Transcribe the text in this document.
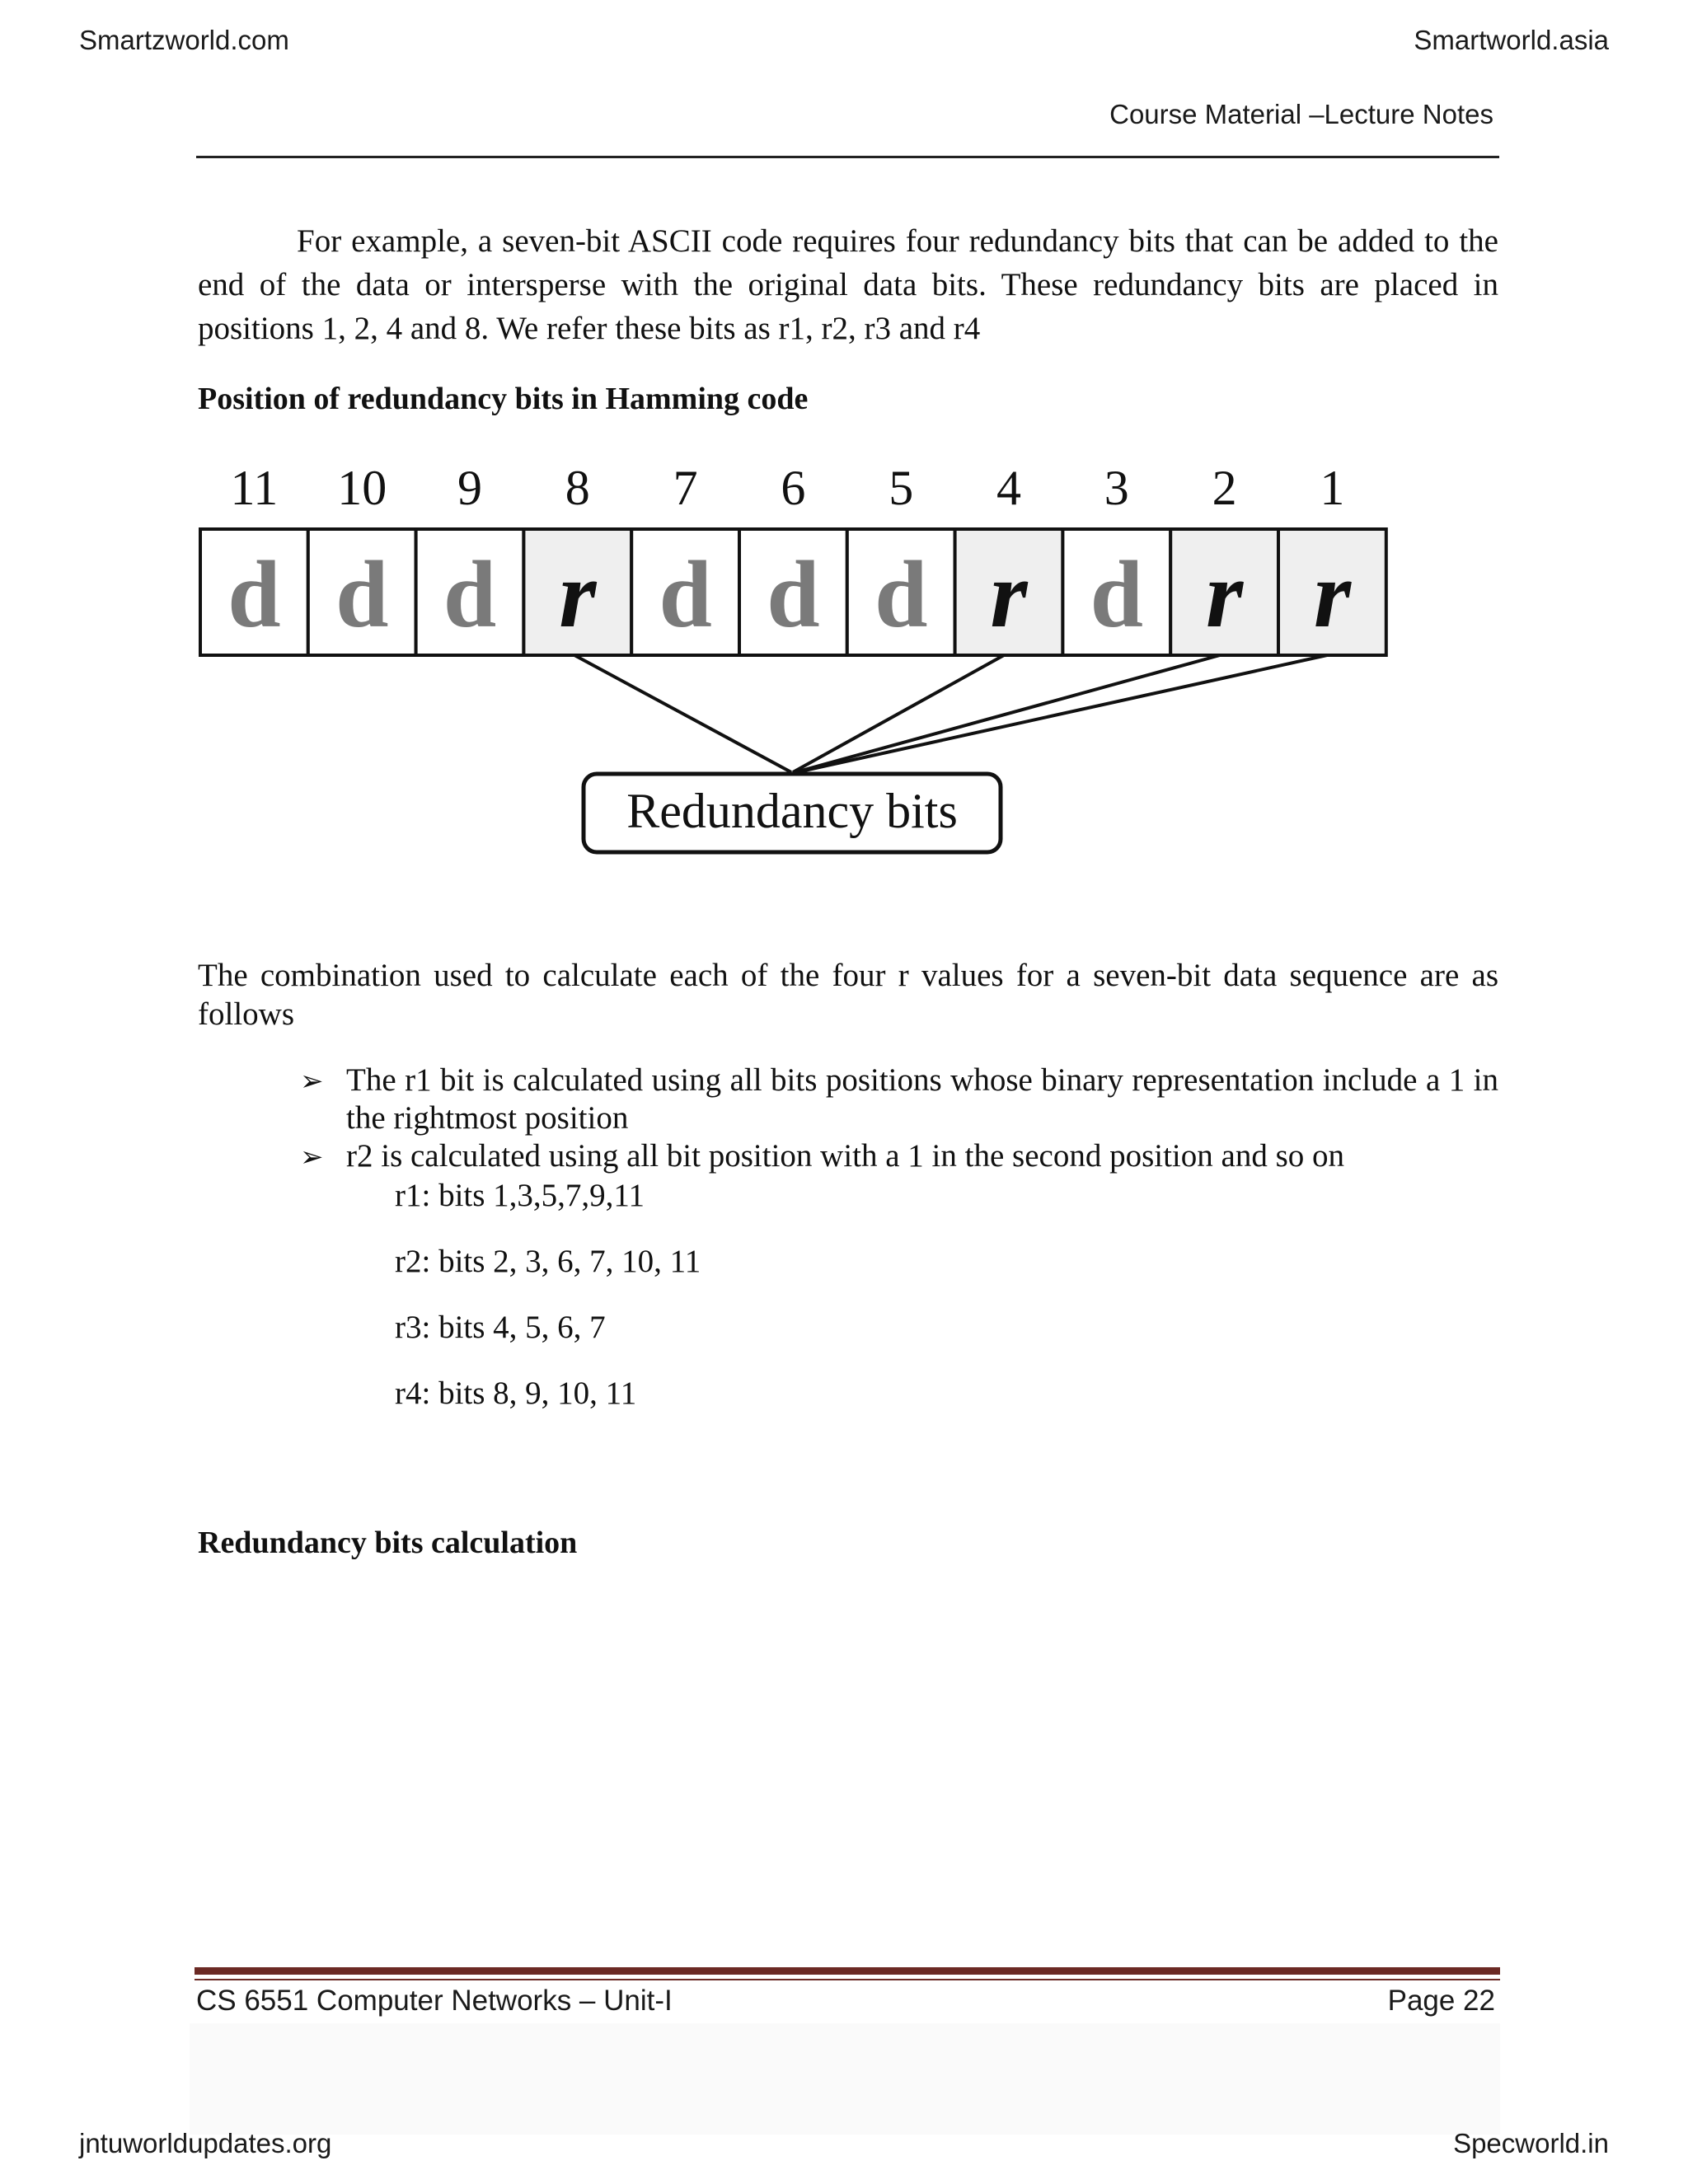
Smartzworld.com	Smartworld.asia
Course Material –Lecture Notes
For example, a seven-bit ASCII code requires four redundancy bits that can be added to the end of the data or intersperse with the original data bits. These redundancy bits are placed in positions 1, 2, 4 and 8. We refer these bits as r1, r2, r3 and r4
Position of redundancy bits in Hamming code
11 10 9 8 7 6 5 4 3 2 1
d d d r d d d r d r r
Redundancy bits
The combination used to calculate each of the four r values for a seven-bit data sequence are as follows
➢ The r1 bit is calculated using all bits positions whose binary representation include a 1 in the rightmost position
➢ r2 is calculated using all bit position with a 1 in the second position and so on
r1: bits 1,3,5,7,9,11
r2: bits 2, 3, 6, 7, 10, 11
r3: bits 4, 5, 6, 7
r4: bits 8, 9, 10, 11
Redundancy bits calculation
CS 6551 Computer Networks – Unit-I	Page 22
jntuworldupdates.org	Specworld.in
